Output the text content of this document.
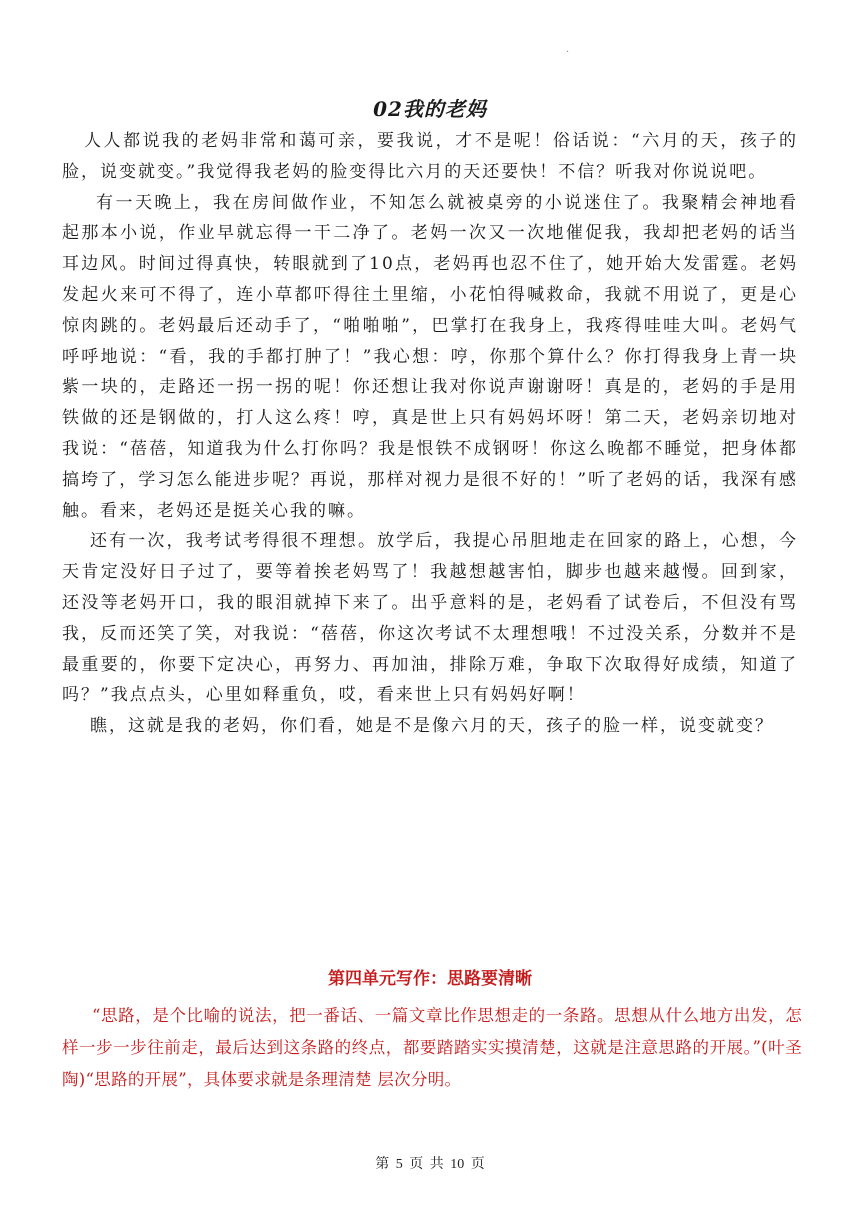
.
02我的老妈

人人都说我的老妈非常和蔼可亲，要我说，才不是呢！俗话说：“六月的天，孩子的脸，说变就变。”我觉得我老妈的脸变得比六月的天还要快！不信？听我对你说说吧。

有一天晚上，我在房间做作业，不知怎么就被桌旁的小说迷住了。我聚精会神地看起那本小说，作业早就忘得一干二净了。老妈一次又一次地催促我，我却把老妈的话当耳边风。时间过得真快，转眼就到了10点，老妈再也忍不住了，她开始大发雷霆。老妈发起火来可不得了，连小草都吓得往土里缩，小花怕得喊救命，我就不用说了，更是心惊肉跳的。老妈最后还动手了，“啪啪啪”，巴掌打在我身上，我疼得哇哇大叫。老妈气呼呼地说：“看，我的手都打肿了！”我心想：哼，你那个算什么？你打得我身上青一块紫一块的，走路还一拐一拐的呢！你还想让我对你说声谢谢呀！真是的，老妈的手是用铁做的还是钢做的，打人这么疼！哼，真是世上只有妈妈坏呀！第二天，老妈亲切地对我说：“蓓蓓，知道我为什么打你吗？我是恨铁不成钢呀！你这么晚都不睡觉，把身体都搞垮了，学习怎么能进步呢？再说，那样对视力是很不好的！”听了老妈的话，我深有感触。看来，老妈还是挺关心我的嘛。

还有一次，我考试考得很不理想。放学后，我提心吊胆地走在回家的路上，心想，今天肯定没好日子过了，要等着挨老妈骂了！我越想越害怕，脚步也越来越慢。回到家，还没等老妈开口，我的眼泪就掉下来了。出乎意料的是，老妈看了试卷后，不但没有骂我，反而还笑了笑，对我说：“蓓蓓，你这次考试不太理想哦！不过没关系，分数并不是最重要的，你要下定决心，再努力、再加油，排除万难，争取下次取得好成绩，知道了吗？”我点点头，心里如释重负，哎，看来世上只有妈妈好啊！

瞧，这就是我的老妈，你们看，她是不是像六月的天，孩子的脸一样，说变就变？

第四单元写作：思路要清晰
“思路，是个比喻的说法，把一番话、一篇文章比作思想走的一条路。思想从什么地方出发，怎样一步一步往前走，最后达到这条路的终点，都要踏踏实实摸清楚，这就是注意思路的开展。”(叶圣陶)“思路的开展”，具体要求就是条理清楚 层次分明。
第 5 页 共 10 页
